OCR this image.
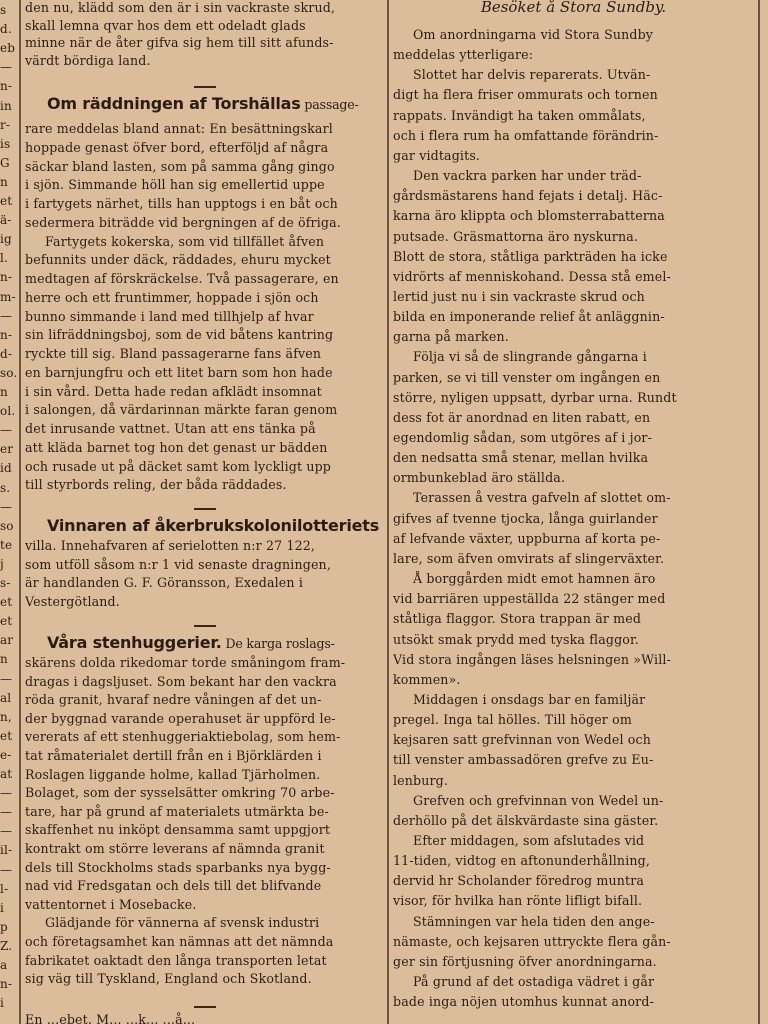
s
d.
eb
—
n-
in
r-
is
G
n
et
ä-
ig
l.
n-
m-
—
n-
d-
so.
n
ol.
—
er
id
s.
—
so
te
j
s-
et
et
ar
n
—
al
n,
et
e-
at
—
—
—
il-
—
l-
i
p
Z.
a
n-
i
Om räddningen af Torshällas passage-
Vinnaren af åkerbrukskolonilotteriets
Våra stenhuggerier. De karga roslags-
den nu, klädd som den är i sin vackraste skrud,
skall lemna qvar hos dem ett odeladt glads
minne när de åter gifva sig hem till sitt afunds-
värdt bördiga land.
rare meddelas bland annat: En besättningskarl
hoppade genast öfver bord, efterföljd af några
säckar bland lasten, som på samma gång gingo
i sjön. Simmande höll han sig emellertid uppe
i fartygets närhet, tills han upptogs i en båt och
sedermera biträdde vid bergningen af de öfriga.
Fartygets kokerska, som vid tillfället åfven
befunnits under däck, räddades, ehuru mycket
medtagen af förskräckelse. Två passagerare, en
herre och ett fruntimmer, hoppade i sjön och
bunno simmande i land med tillhjelp af hvar
sin lifräddningsboj, som de vid båtens kantring
ryckte till sig. Bland passagerarne fans äfven
en barnjungfru och ett litet barn som hon hade
i sin vård. Detta hade redan afklädt insomnat
i salongen, då värdarinnan märkte faran genom
det inrusande vattnet. Utan att ens tänka på
att kläda barnet tog hon det genast ur bädden
och rusade ut på däcket samt kom lyckligt upp
till styrbords reling, der båda räddades.
villa. Innehafvaren af serielotten n:r 27 122,
som utföll såsom n:r 1 vid senaste dragningen,
är handlanden G. F. Göransson, Exedalen i
Vestergötland.
skärens dolda rikedomar torde småningom fram-
dragas i dagsljuset. Som bekant har den vackra
röda granit, hvaraf nedre våningen af det un-
der byggnad varande operahuset är uppförd le-
vererats af ett stenhuggeriaktiebolag, som hem-
tat råmaterialet dertill från en i Björklärden i
Roslagen liggande holme, kallad Tjärholmen.
Bolaget, som der sysselsätter omkring 70 arbe-
tare, har på grund af materialets utmärkta be-
skaffenhet nu inköpt densamma samt uppgjort
kontrakt om större leverans af nämnda granit
dels till Stockholms stads sparbanks nya bygg-
nad vid Fredsgatan och dels till det blifvande
vattentornet i Mosebacke.
Glädjande för vännerna af svensk industri
och företagsamhet kan nämnas att det nämnda
fabrikatet oaktadt den långa transporten letat
sig väg till Tyskland, England och Skotland.
En ...ebet. M... ...k... ...å...
Besöket å Stora Sundby.
Om anordningarna vid Stora Sundby
meddelas ytterligare:
Slottet har delvis reparerats. Utvän-
digt ha flera friser ommurats och tornen
rappats. Invändigt ha taken ommålats,
och i flera rum ha omfattande förändrin-
gar vidtagits.
Den vackra parken har under träd-
gårdsmästarens hand fejats i detalj. Häc-
karna äro klippta och blomsterrabatterna
putsade. Gräsmattorna äro nyskurna.
Blott de stora, ståtliga parkträden ha icke
vidrörts af menniskohand. Dessa stå emel-
lertid just nu i sin vackraste skrud och
bilda en imponerande relief åt anläggnin-
garna på marken.
Följa vi så de slingrande gångarna i
parken, se vi till venster om ingången en
större, nyligen uppsatt, dyrbar urna. Rundt
dess fot är anordnad en liten rabatt, en
egendomlig sådan, som utgöres af i jor-
den nedsatta små stenar, mellan hvilka
ormbunkeblad äro ställda.
Terassen å vestra gafveln af slottet om-
gifves af tvenne tjocka, långa guirlander
af lefvande växter, uppburna af korta pe-
lare, som äfven omvirats af slingerväxter.
Å borggården midt emot hamnen äro
vid barriären uppeställda 22 stänger med
ståtliga flaggor. Stora trappan är med
utsökt smak prydd med tyska flaggor.
Vid stora ingången läses helsningen »Will-
kommen».
Middagen i onsdags bar en familjär
pregel. Inga tal hölles. Till höger om
kejsaren satt grefvinnan von Wedel och
till venster ambassadören grefve zu Eu-
lenburg.
Grefven och grefvinnan von Wedel un-
derhöllo på det älskvärdaste sina gäster.
Efter middagen, som afslutades vid
11-tiden, vidtog en aftonunderhållning,
dervid hr Scholander föredrog muntra
visor, för hvilka han rönte lifligt bifall.
Stämningen var hela tiden den ange-
nämaste, och kejsaren uttryckte flera gån-
ger sin förtjusning öfver anordningarna.
På grund af det ostadiga vädret i går
bade inga nöjen utomhus kunnat anord-
